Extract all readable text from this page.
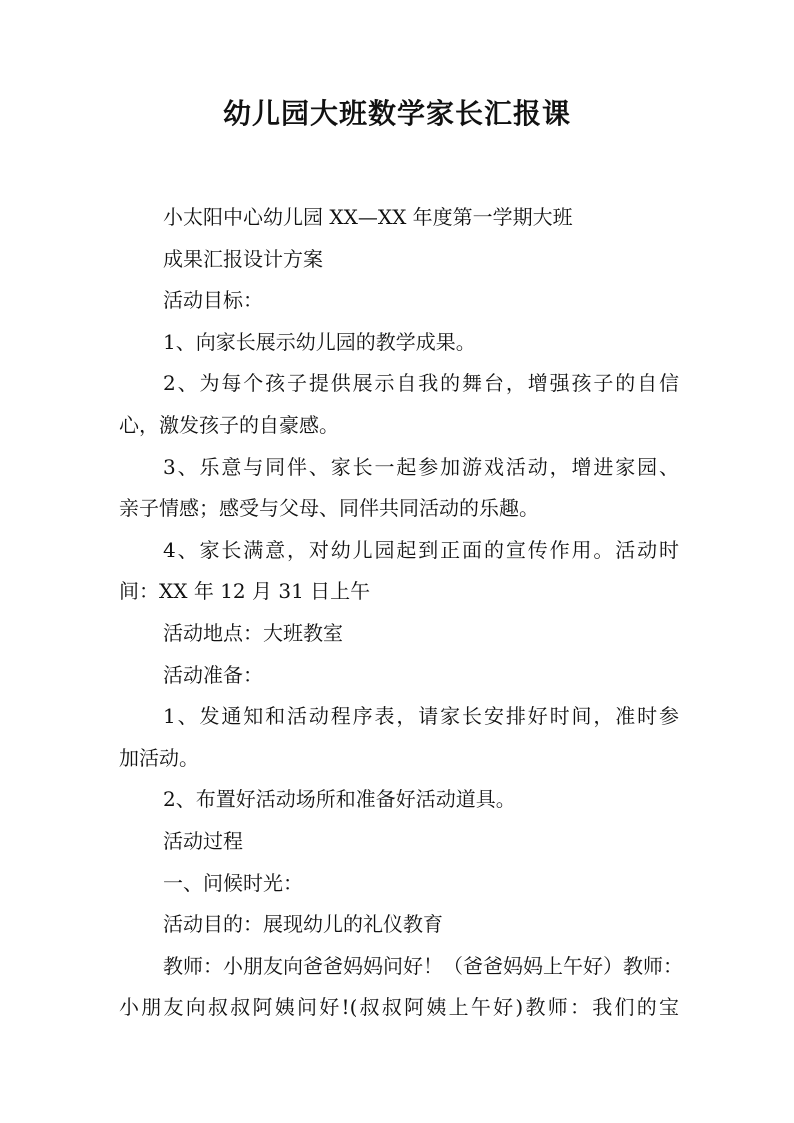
幼儿园大班数学家长汇报课

小太阳中心幼儿园 XX—XX 年度第一学期大班

成果汇报设计方案

活动目标：

1、向家长展示幼儿园的教学成果。

2、为每个孩子提供展示自我的舞台，增强孩子的自信

心，激发孩子的自豪感。

3、乐意与同伴、家长一起参加游戏活动，增进家园、

亲子情感；感受与父母、同伴共同活动的乐趣。

4、家长满意，对幼儿园起到正面的宣传作用。活动时

间：XX 年 12 月 31 日上午

活动地点：大班教室

活动准备：

1、发通知和活动程序表，请家长安排好时间，准时参

加活动。

2、布置好活动场所和准备好活动道具。

活动过程

一、问候时光：

活动目的：展现幼儿的礼仪教育

教师：小朋友向爸爸妈妈问好！（爸爸妈妈上午好）教师：

小朋友向叔叔阿姨问好!(叔叔阿姨上午好)教师：我们的宝
